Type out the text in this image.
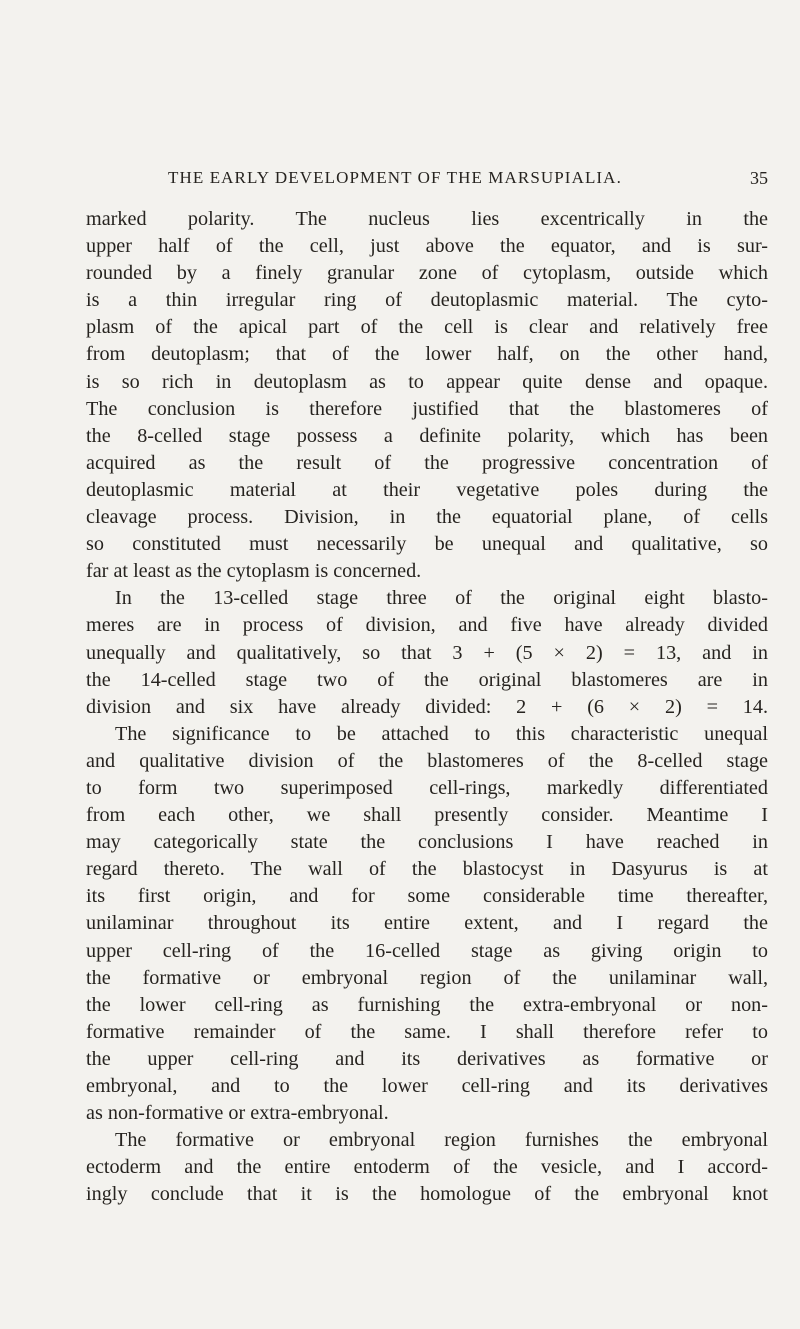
THE EARLY DEVELOPMENT OF THE MARSUPIALIA.	35
marked polarity. The nucleus lies excentrically in the
upper half of the cell, just above the equator, and is sur-
rounded by a finely granular zone of cytoplasm, outside which
is a thin irregular ring of deutoplasmic material. The cyto-
plasm of the apical part of the cell is clear and relatively free
from deutoplasm; that of the lower half, on the other hand,
is so rich in deutoplasm as to appear quite dense and opaque.
The conclusion is therefore justified that the blastomeres of
the 8-celled stage possess a definite polarity, which has been
acquired as the result of the progressive concentration of
deutoplasmic material at their vegetative poles during the
cleavage process. Division, in the equatorial plane, of cells
so constituted must necessarily be unequal and qualitative, so
far at least as the cytoplasm is concerned.
In the 13-celled stage three of the original eight blasto-
meres are in process of division, and five have already divided
unequally and qualitatively, so that 3 + (5 × 2) = 13, and in
the 14-celled stage two of the original blastomeres are in
division and six have already divided: 2 + (6 × 2) = 14.
The significance to be attached to this characteristic unequal
and qualitative division of the blastomeres of the 8-celled stage
to form two superimposed cell-rings, markedly differentiated
from each other, we shall presently consider. Meantime I
may categorically state the conclusions I have reached in
regard thereto. The wall of the blastocyst in Dasyurus is at
its first origin, and for some considerable time thereafter,
unilaminar throughout its entire extent, and I regard the
upper cell-ring of the 16-celled stage as giving origin to
the formative or embryonal region of the unilaminar wall,
the lower cell-ring as furnishing the extra-embryonal or non-
formative remainder of the same. I shall therefore refer to
the upper cell-ring and its derivatives as formative or
embryonal, and to the lower cell-ring and its derivatives
as non-formative or extra-embryonal.
The formative or embryonal region furnishes the embryonal
ectoderm and the entire entoderm of the vesicle, and I accord-
ingly conclude that it is the homologue of the embryonal knot
